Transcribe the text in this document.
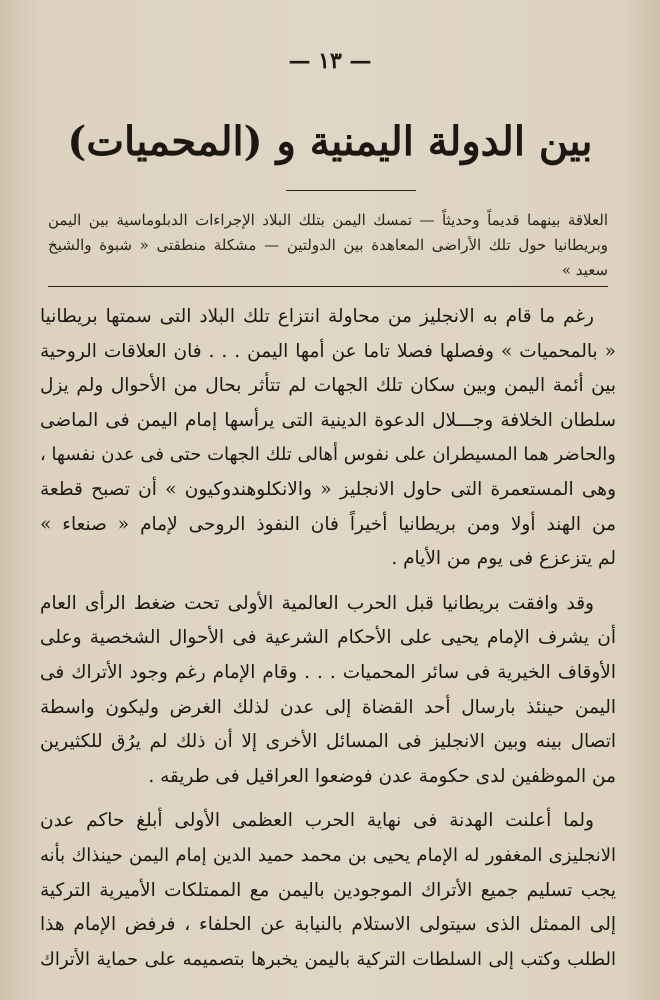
— ١٣ —
بين الدولة اليمنية و (المحميات)
العلاقة بينهما قديماً وحديثاً — تمسك اليمن بتلك البلاد الإجراءات الدبلوماسية بين اليمن وبريطانيا حول تلك الأراضى المعاهدة بين الدولتين — مشكلة منطقتى « شبوة والشيخ سعيد »
رغم ما قام به الانجليز من محاولة انتزاع تلك البلاد التى سمتها بريطانيا
« بالمحميات » وفصلها فصلا تاما عن أمها اليمن . . . فان العلاقات الروحية
بين أئمة اليمن وبين سكان تلك الجهات لم تتأثر بحال من الأحوال ولم يزل
سلطان الخلافة وجـــلال الدعوة الدينية التى يرأسها إمام اليمن فى الماضى
والحاضر هما المسيطران على نفوس أهالى تلك الجهات حتى فى عدن نفسها ،
وهى المستعمرة التى حاول الانجليز « والانكلوهندوكيون » أن تصبح قطعة
من الهند أولا ومن بريطانيا أخيراً فان النفوذ الروحى لإمام « صنعاء »
لم يتزعزع فى يوم من الأيام .
وقد وافقت بريطانيا قبل الحرب العالمية الأولى تحت ضغط الرأى العام
أن يشرف الإمام يحيى على الأحكام الشرعية فى الأحوال الشخصية وعلى
الأوقاف الخيرية فى سائر المحميات . . . وقام الإمام رغم وجود الأتراك فى
اليمن حينئذ بارسال أحد القضاة إلى عدن لذلك الغرض وليكون واسطة
اتصال بينه وبين الانجليز فى المسائل الأخرى إلا أن ذلك لم يرُق للكثيرين
من الموظفين لدى حكومة عدن فوضعوا العراقيل فى طريقه .
ولما أعلنت الهدنة فى نهاية الحرب العظمى الأولى أبلغ حاكم عدن
الانجليزى المغفور له الإمام يحيى بن محمد حميد الدين إمام اليمن حينذاك بأنه
يجب تسليم جميع الأتراك الموجودين باليمن مع الممتلكات الأميرية التركية
إلى الممثل الذى سيتولى الاستلام بالنيابة عن الحلفاء ، فرفض الإمام هذا
الطلب وكتب إلى السلطات التركية باليمن يخبرها بتصميمه على حماية الأتراك
